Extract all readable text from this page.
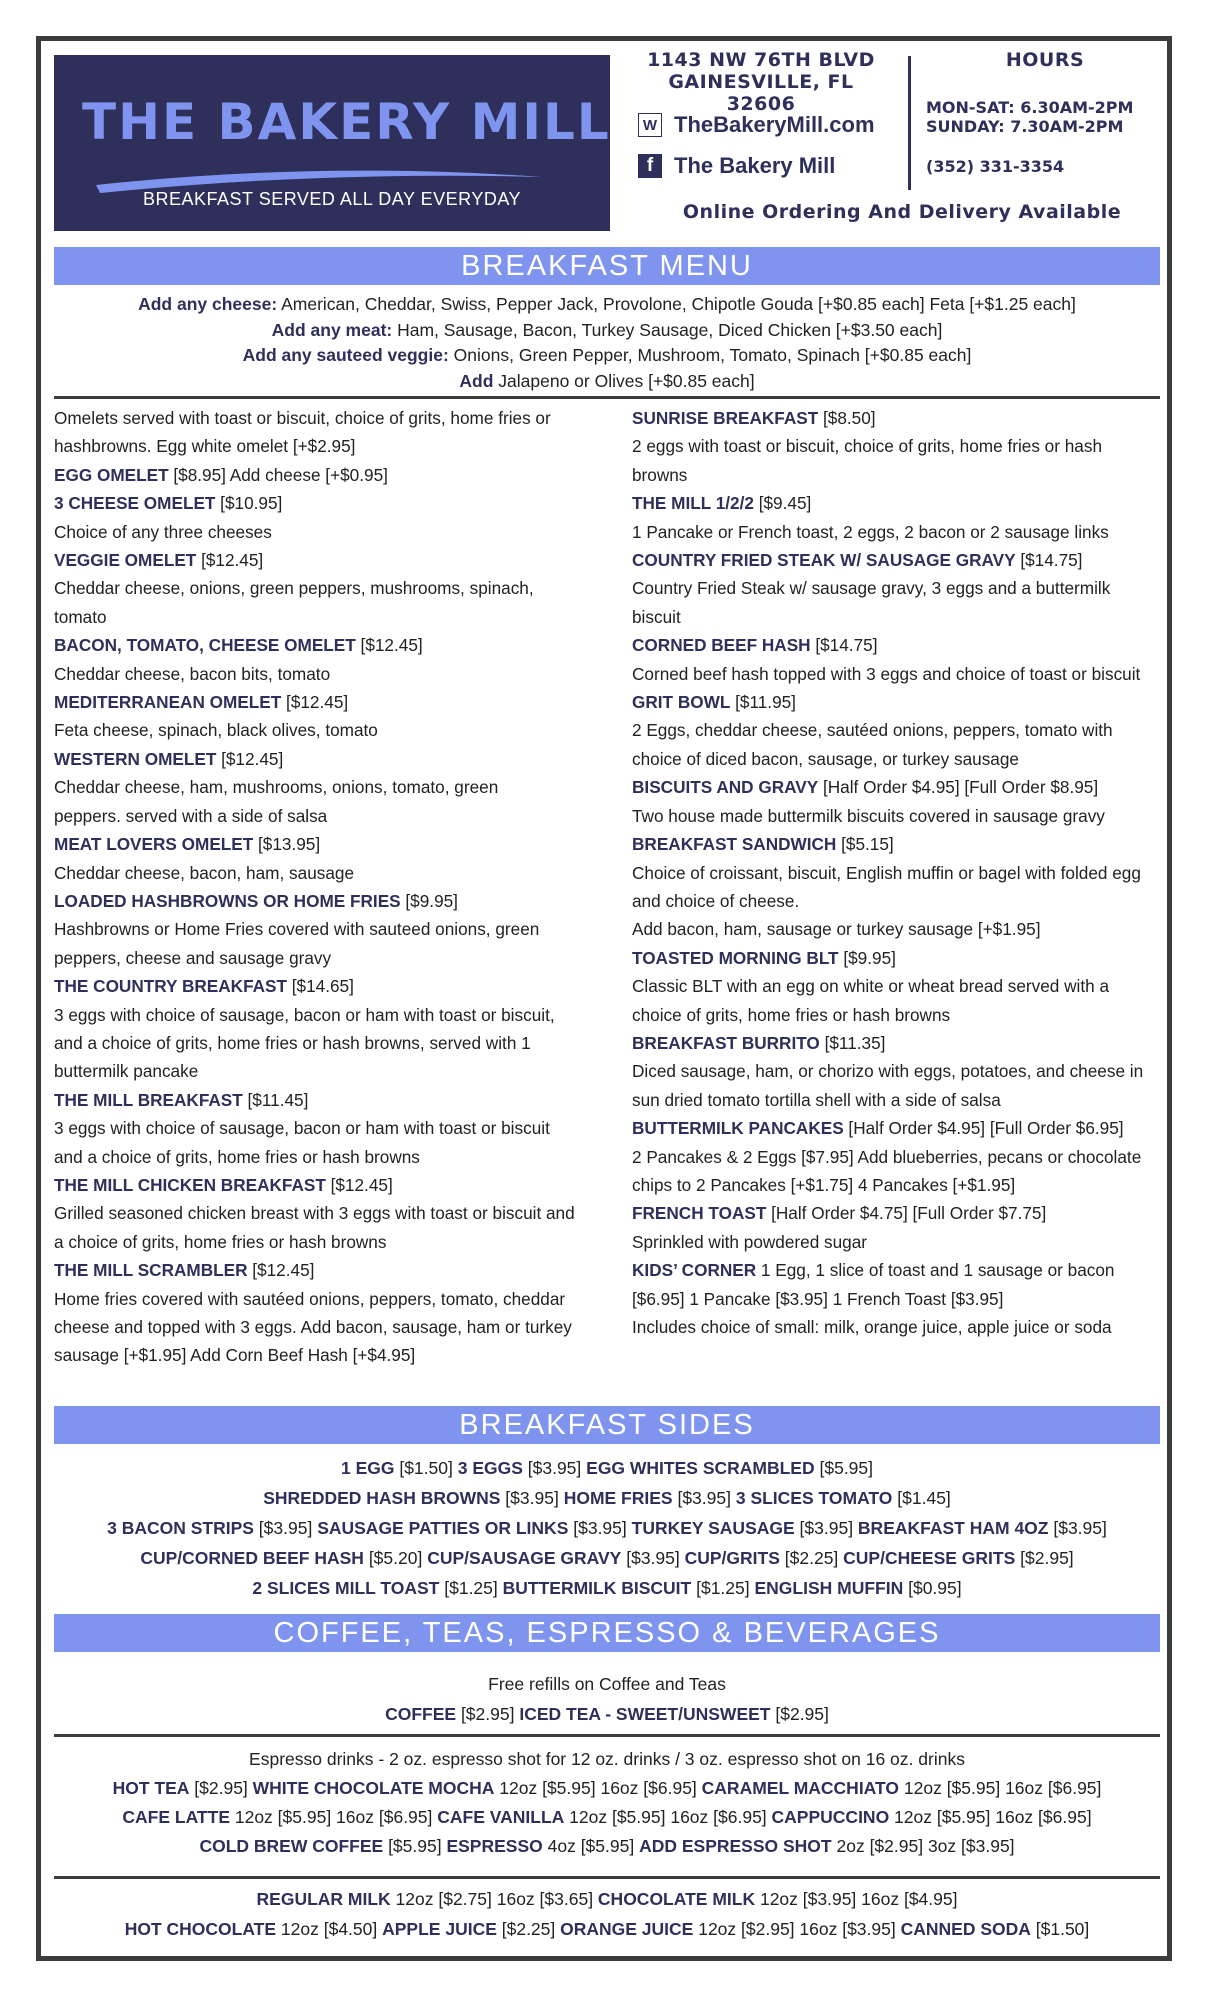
THE BAKERY MILL
BREAKFAST SERVED ALL DAY EVERYDAY
1143 NW 76TH BLVD
GAINESVILLE, FL 32606
W TheBakeryMill.com
f The Bakery Mill
HOURS
MON-SAT: 6.30AM-2PM
SUNDAY: 7.30AM-2PM
(352) 331-3354
Online Ordering And Delivery Available
BREAKFAST MENU
Add any cheese: American, Cheddar, Swiss, Pepper Jack, Provolone, Chipotle Gouda [+$0.85 each] Feta [+$1.25 each]
Add any meat: Ham, Sausage, Bacon, Turkey Sausage, Diced Chicken [+$3.50 each]
Add any sauteed veggie: Onions, Green Pepper, Mushroom, Tomato, Spinach [+$0.85 each]
Add Jalapeno or Olives [+$0.85 each]
Omelets served with toast or biscuit, choice of grits, home fries or
hashbrowns. Egg white omelet [+$2.95]
EGG OMELET [$8.95] Add cheese [+$0.95]
3 CHEESE OMELET [$10.95]
Choice of any three cheeses
VEGGIE OMELET [$12.45]
Cheddar cheese, onions, green peppers, mushrooms, spinach,
tomato
BACON, TOMATO, CHEESE OMELET [$12.45]
Cheddar cheese, bacon bits, tomato
MEDITERRANEAN OMELET [$12.45]
Feta cheese, spinach, black olives, tomato
WESTERN OMELET [$12.45]
Cheddar cheese, ham, mushrooms, onions, tomato, green
peppers. served with a side of salsa
MEAT LOVERS OMELET [$13.95]
Cheddar cheese, bacon, ham, sausage
LOADED HASHBROWNS OR HOME FRIES [$9.95]
Hashbrowns or Home Fries covered with sauteed onions, green
peppers, cheese and sausage gravy
THE COUNTRY BREAKFAST [$14.65]
3 eggs with choice of sausage, bacon or ham with toast or biscuit,
and a choice of grits, home fries or hash browns, served with 1
buttermilk pancake
THE MILL BREAKFAST [$11.45]
3 eggs with choice of sausage, bacon or ham with toast or biscuit
and a choice of grits, home fries or hash browns
THE MILL CHICKEN BREAKFAST [$12.45]
Grilled seasoned chicken breast with 3 eggs with toast or biscuit and
a choice of grits, home fries or hash browns
THE MILL SCRAMBLER [$12.45]
Home fries covered with sautéed onions, peppers, tomato, cheddar
cheese and topped with 3 eggs. Add bacon, sausage, ham or turkey
sausage [+$1.95] Add Corn Beef Hash [+$4.95]
SUNRISE BREAKFAST [$8.50]
2 eggs with toast or biscuit, choice of grits, home fries or hash
browns
THE MILL 1/2/2 [$9.45]
1 Pancake or French toast, 2 eggs, 2 bacon or 2 sausage links
COUNTRY FRIED STEAK W/ SAUSAGE GRAVY [$14.75]
Country Fried Steak w/ sausage gravy, 3 eggs and a buttermilk
biscuit
CORNED BEEF HASH [$14.75]
Corned beef hash topped with 3 eggs and choice of toast or biscuit
GRIT BOWL [$11.95]
2 Eggs, cheddar cheese, sautéed onions, peppers, tomato with
choice of diced bacon, sausage, or turkey sausage
BISCUITS AND GRAVY [Half Order $4.95] [Full Order $8.95]
Two house made buttermilk biscuits covered in sausage gravy
BREAKFAST SANDWICH [$5.15]
Choice of croissant, biscuit, English muffin or bagel with folded egg
and choice of cheese.
Add bacon, ham, sausage or turkey sausage [+$1.95]
TOASTED MORNING BLT [$9.95]
Classic BLT with an egg on white or wheat bread served with a
choice of grits, home fries or hash browns
BREAKFAST BURRITO [$11.35]
Diced sausage, ham, or chorizo with eggs, potatoes, and cheese in
sun dried tomato tortilla shell with a side of salsa
BUTTERMILK PANCAKES [Half Order $4.95] [Full Order $6.95]
2 Pancakes & 2 Eggs [$7.95] Add blueberries, pecans or chocolate
chips to 2 Pancakes [+$1.75] 4 Pancakes [+$1.95]
FRENCH TOAST [Half Order $4.75] [Full Order $7.75]
Sprinkled with powdered sugar
KIDS’ CORNER 1 Egg, 1 slice of toast and 1 sausage or bacon
[$6.95] 1 Pancake [$3.95] 1 French Toast [$3.95]
Includes choice of small: milk, orange juice, apple juice or soda
BREAKFAST SIDES
1 EGG [$1.50] 3 EGGS [$3.95] EGG WHITES SCRAMBLED [$5.95]
SHREDDED HASH BROWNS [$3.95] HOME FRIES [$3.95] 3 SLICES TOMATO [$1.45]
3 BACON STRIPS [$3.95] SAUSAGE PATTIES OR LINKS [$3.95] TURKEY SAUSAGE [$3.95] BREAKFAST HAM 4OZ [$3.95]
CUP/CORNED BEEF HASH [$5.20] CUP/SAUSAGE GRAVY [$3.95] CUP/GRITS [$2.25] CUP/CHEESE GRITS [$2.95]
2 SLICES MILL TOAST [$1.25] BUTTERMILK BISCUIT [$1.25] ENGLISH MUFFIN [$0.95]
COFFEE, TEAS, ESPRESSO & BEVERAGES
Free refills on Coffee and Teas
COFFEE [$2.95] ICED TEA - SWEET/UNSWEET [$2.95]
Espresso drinks - 2 oz. espresso shot for 12 oz. drinks / 3 oz. espresso shot on 16 oz. drinks
HOT TEA [$2.95] WHITE CHOCOLATE MOCHA 12oz [$5.95] 16oz [$6.95] CARAMEL MACCHIATO 12oz [$5.95] 16oz [$6.95]
CAFE LATTE 12oz [$5.95] 16oz [$6.95] CAFE VANILLA 12oz [$5.95] 16oz [$6.95] CAPPUCCINO 12oz [$5.95] 16oz [$6.95]
COLD BREW COFFEE [$5.95] ESPRESSO 4oz [$5.95] ADD ESPRESSO SHOT 2oz [$2.95] 3oz [$3.95]
REGULAR MILK 12oz [$2.75] 16oz [$3.65] CHOCOLATE MILK 12oz [$3.95] 16oz [$4.95]
HOT CHOCOLATE 12oz [$4.50] APPLE JUICE [$2.25] ORANGE JUICE 12oz [$2.95] 16oz [$3.95] CANNED SODA [$1.50]
